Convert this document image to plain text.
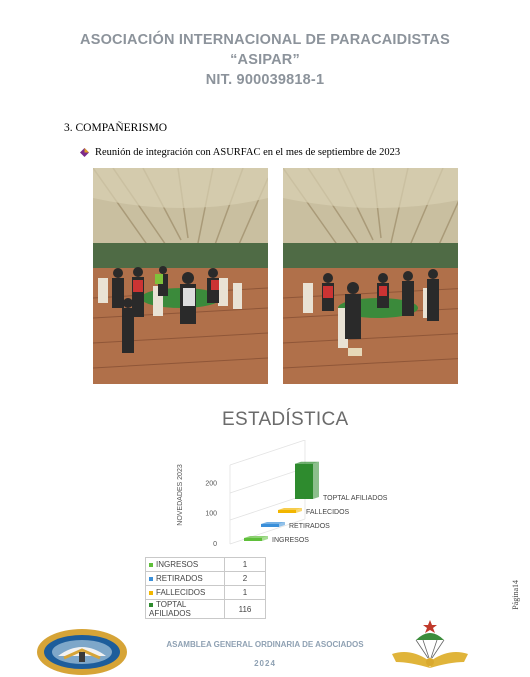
ASOCIACIÓN INTERNACIONAL DE PARACAIDISTAS
“ASIPAR”
NIT. 900039818-1
3. COMPAÑERISMO
Reunión de integración con ASURFAC en el mes de septiembre de 2023
ESTADÍSTICA
NOVEDADES 2023
0
100
200
INGRESOS
RETIRADOS
FALLECIDOS
TOPTAL AFILIADOS
INGRESOS	1
RETIRADOS	2
FALLECIDOS	1
TOPTAL AFILIADOS	116	Página14
ASAMBLEA GENERAL ORDINARIA DE ASOCIADOS
2024
